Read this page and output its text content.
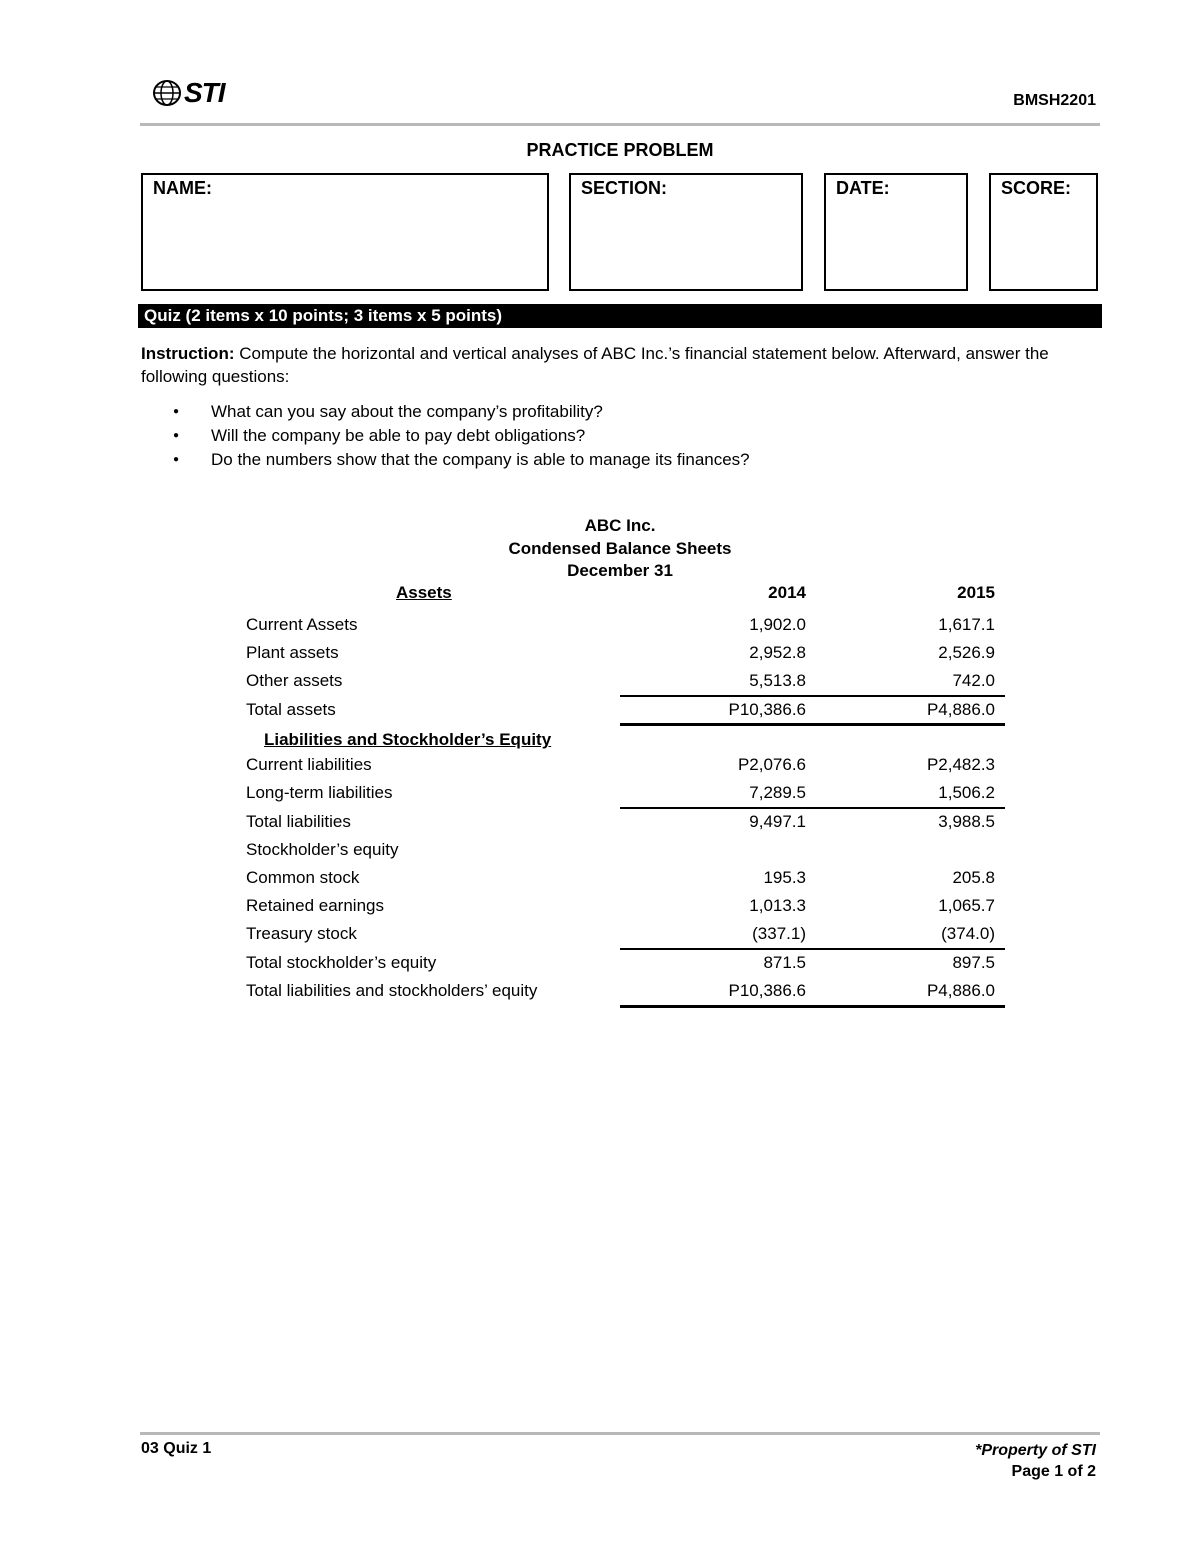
STI	BMSH2201
PRACTICE PROBLEM
NAME:	SECTION:	DATE:	SCORE:
Quiz (2 items x 10 points; 3 items x 5 points)
Instruction: Compute the horizontal and vertical analyses of ABC Inc.’s financial statement below. Afterward, answer the following questions:
● What can you say about the company’s profitability?
● Will the company be able to pay debt obligations?
● Do the numbers show that the company is able to manage its finances?
ABC Inc.
Condensed Balance Sheets
December 31
Assets	2014	2015
Current Assets	1,902.0	1,617.1
Plant assets	2,952.8	2,526.9
Other assets	5,513.8	742.0
Total assets	P10,386.6	P4,886.0
Liabilities and Stockholder’s Equity
Current liabilities	P2,076.6	P2,482.3
Long-term liabilities	7,289.5	1,506.2
Total liabilities	9,497.1	3,988.5
Stockholder’s equity
Common stock	195.3	205.8
Retained earnings	1,013.3	1,065.7
Treasury stock	(337.1)	(374.0)
Total stockholder’s equity	871.5	897.5
Total liabilities and stockholders’ equity	P10,386.6	P4,886.0
03 Quiz 1	*Property of STI
Page 1 of 2
